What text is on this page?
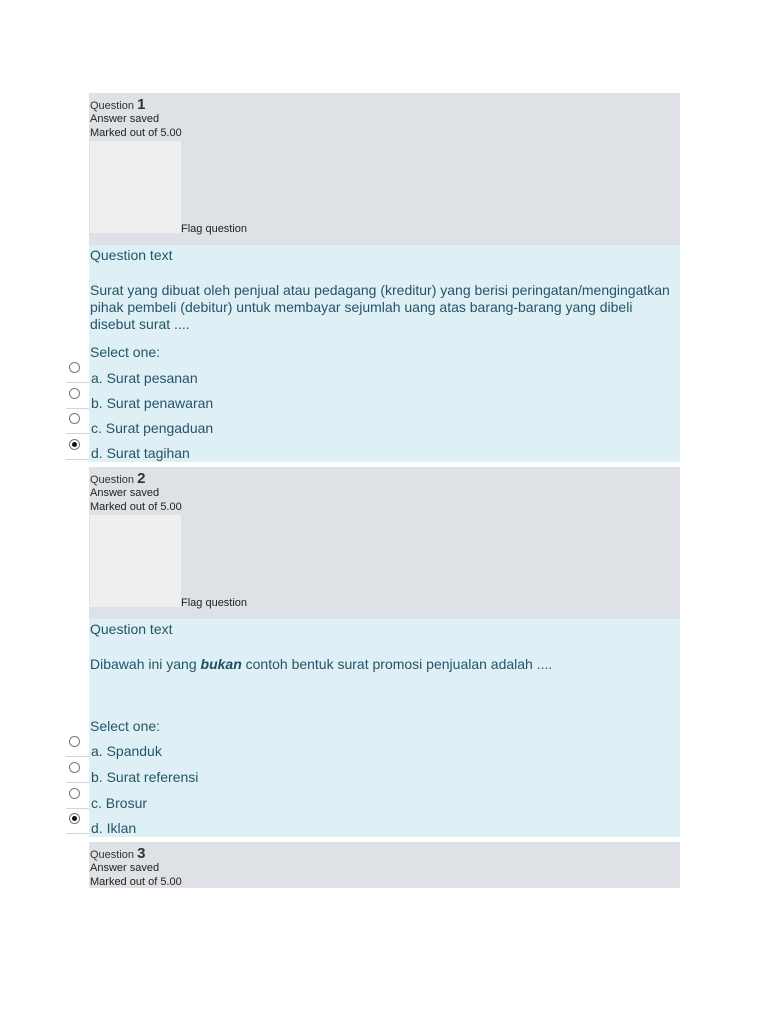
Question 1
Answer saved
Marked out of 5.00
Flag question
Question text
Surat yang dibuat oleh penjual atau pedagang (kreditur) yang berisi peringatan/mengingatkan pihak pembeli (debitur) untuk membayar sejumlah uang atas barang-barang yang dibeli disebut surat ....
Select one:
a. Surat pesanan
b. Surat penawaran
c. Surat pengaduan
d. Surat tagihan
Question 2
Answer saved
Marked out of 5.00
Flag question
Question text
Dibawah ini yang bukan contoh bentuk surat promosi penjualan adalah ....
Select one:
a. Spanduk
b. Surat referensi
c. Brosur
d. Iklan
Question 3
Answer saved
Marked out of 5.00
